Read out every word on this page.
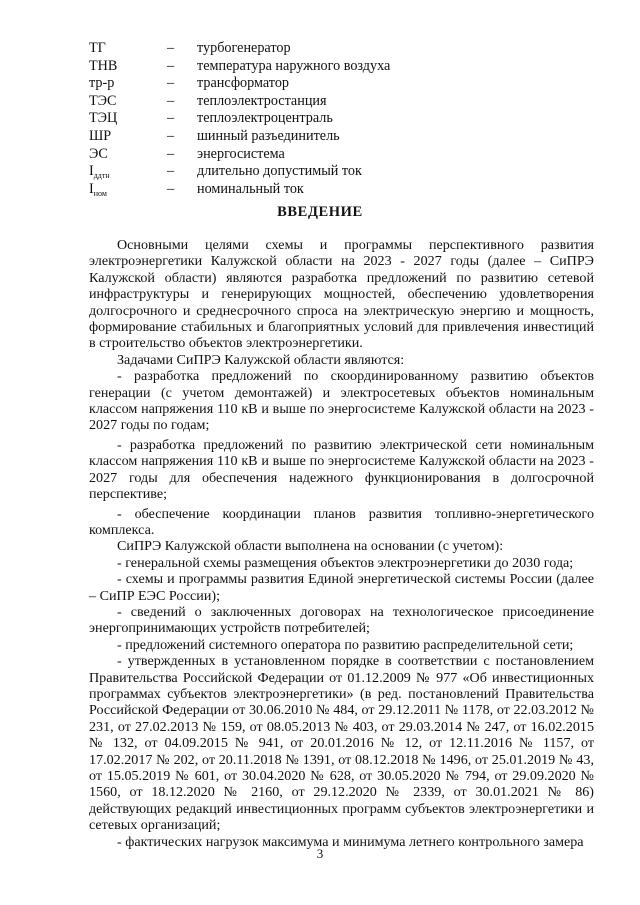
ТГ	– турбогенератор
ТНВ	– температура наружного воздуха
тр-р	– трансформатор
ТЭС	– теплоэлектростанция
ТЭЦ	– теплоэлектроцентраль
ШР	– шинный разъединитель
ЭС	– энергосистема
$I_{ддтн}$	– длительно допустимый ток
$I_{ном}$	– номинальный ток
ВВЕДЕНИЕ

Основными целями схемы и программы перспективного развития электроэнергетики Калужской области на 2023 - 2027 годы (далее – СиПРЭ Калужской области) являются разработка предложений по развитию сетевой инфраструктуры и генерирующих мощностей, обеспечению удовлетворения долгосрочного и среднесрочного спроса на электрическую энергию и мощность, формирование стабильных и благоприятных условий для привлечения инвестиций в строительство объектов электроэнергетики.

Задачами СиПРЭ Калужской области являются:

- разработка предложений по скоординированному развитию объектов генерации (с учетом демонтажей) и электросетевых объектов номинальным классом напряжения 110 кВ и выше по энергосистеме Калужской области на 2023 - 2027 годы по годам;

- разработка предложений по развитию электрической сети номинальным классом напряжения 110 кВ и выше по энергосистеме Калужской области на 2023 - 2027 годы для обеспечения надежного функционирования в долгосрочной перспективе;

- обеспечение координации планов развития топливно-энергетического комплекса.

СиПРЭ Калужской области выполнена на основании (с учетом):

- генеральной схемы размещения объектов электроэнергетики до 2030 года;

- схемы и программы развития Единой энергетической системы России (далее – СиПР ЕЭС России);

- сведений о заключенных договорах на технологическое присоединение энергопринимающих устройств потребителей;

- предложений системного оператора по развитию распределительной сети;

- утвержденных в установленном порядке в соответствии с постановлением Правительства Российской Федерации от 01.12.2009 № 977 «Об инвестиционных программах субъектов электроэнергетики» (в ред. постановлений Правительства Российской Федерации от 30.06.2010 № 484, от 29.12.2011 № 1178, от 22.03.2012 № 231, от 27.02.2013 № 159, от 08.05.2013 № 403, от 29.03.2014 № 247, от 16.02.2015 № 132, от 04.09.2015 № 941, от 20.01.2016 № 12, от 12.11.2016 № 1157, от 17.02.2017 № 202, от 20.11.2018 № 1391, от 08.12.2018 № 1496, от 25.01.2019 № 43, от 15.05.2019 № 601, от 30.04.2020 № 628, от 30.05.2020 № 794, от 29.09.2020 № 1560, от 18.12.2020 № 2160, от 29.12.2020 № 2339, от 30.01.2021 № 86) действующих редакций инвестиционных программ субъектов электроэнергетики и сетевых организаций;

- фактических нагрузок максимума и минимума летнего контрольного замера

3
